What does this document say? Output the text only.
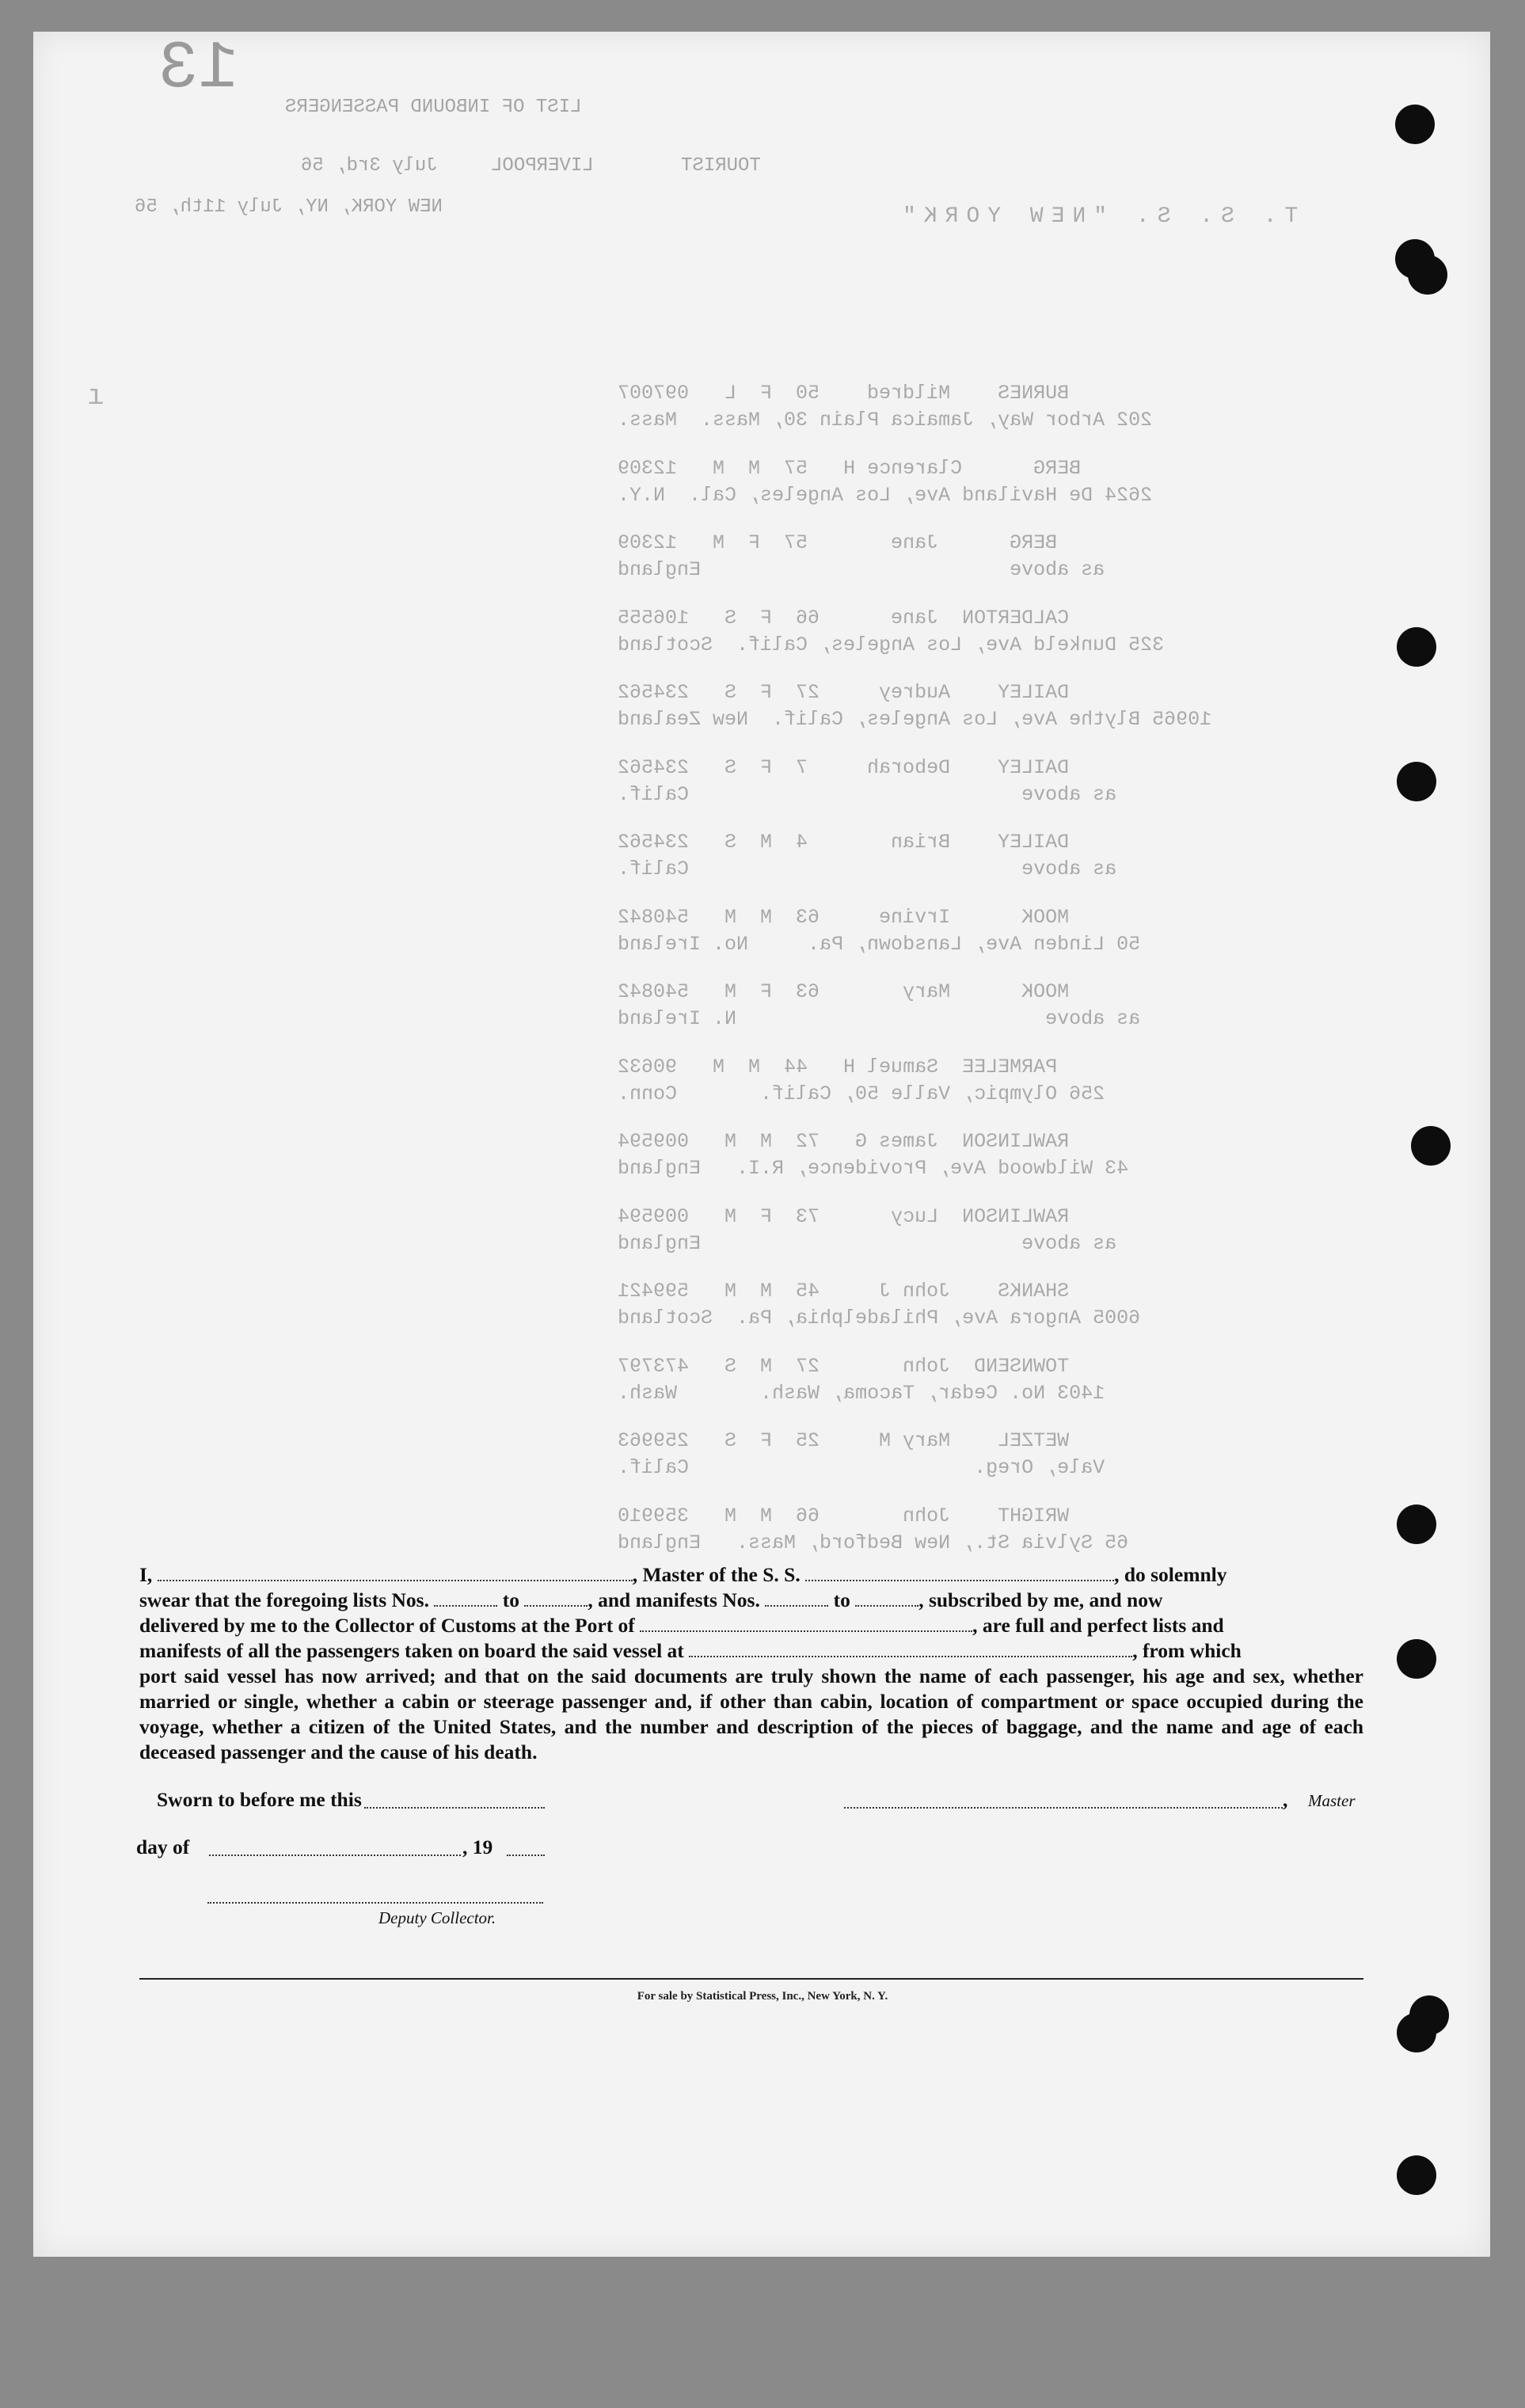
13
LIST OF INBOUND PASSENGERS
TOURIST
LIVERPOOL
July 3rd, 56
NEW YORK, NY, July 11th, 56	T. S. S. "NEW YORK"
ı	BURNES    Mildred    50  F  L   097007
202 Arbor Way, Jamaica Plain 30, Mass.  Mass.
BERG      Clarence H   57  M  M   12309
2624 De Haviland Ave, Los Angeles, Cal.  N.Y.
BERG      Jane       57  F  M   12309
as above                          England
CALDERTON  Jane      66  F  S   106555
325 Dunkeld Ave, Los Angeles, Calif.  Scotland
DAILEY    Audrey     27  F  S   234562
10965 Blythe Ave, Los Angeles, Calif.  New Zealand
DAILEY    Deborah     7  F  S   234562
as above                            Calif.
DAILEY    Brian       4  M  S   234562
as above                            Calif.
MOOK      Irvine     63  M  M   540842
50 Linden Ave, Lansdown, Pa.     No. Ireland
MOOK      Mary       63  F  M   540842
as above                          N. Ireland
PARMELEE  Samuel H   44  M  M   90632
256 Olympic, Valle 50, Calif.       Conn.
RAWLINSON  James G   72  M  M   009594
43 Wildwood Ave, Providence, R.I.   England
RAWLINSON  Lucy      73  F  M   009594
as above                           England
SHANKS    John J     45  M  M   599421
6005 Angora Ave, Philadelphia, Pa.  Scotland
TOWNSEND  John       27  M  S   473797
1403 No. Cedar, Tacoma, Wash.       Wash.
WETZEL    Mary M     25  F  S   259963
Vale, Oreg.                        Calif.
WRIGHT    John       66  M  M   359910
65 Sylvia St., New Bedford, Mass.   England
I,	, Master of the S. S.	, do solemnly
swear that the foregoing lists Nos.	to	, and manifests Nos.	to	, subscribed by me, and now
delivered by me to the Collector of Customs at the Port of	, are full and perfect lists and
manifests of all the passengers taken on board the said vessel at	, from which
port said vessel has now arrived; and that on the said documents are truly shown the name of each passenger, his age and sex, whether married or single, whether a cabin or steerage passenger and, if other than cabin, location of compartment or space occupied during the voyage, whether a citizen of the United States, and the number and description of the pieces of baggage, and the name and age of each deceased passenger and the cause of his death.
Sworn to before me this	, Master
day of	, 19
Deputy Collector.
For sale by Statistical Press, Inc., New York, N. Y.
